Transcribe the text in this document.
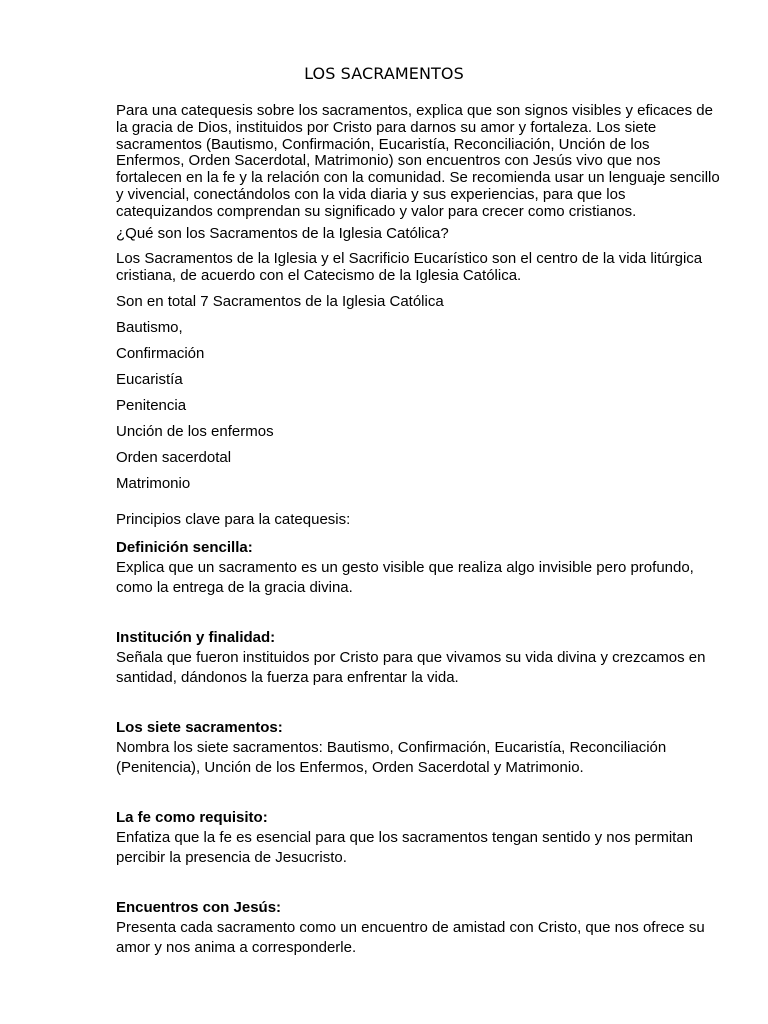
LOS SACRAMENTOS

Para una catequesis sobre los sacramentos, explica que son signos visibles y eficaces de la gracia de Dios, instituidos por Cristo para darnos su amor y fortaleza. Los siete sacramentos (Bautismo, Confirmación, Eucaristía, Reconciliación, Unción de los Enfermos, Orden Sacerdotal, Matrimonio) son encuentros con Jesús vivo que nos fortalecen en la fe y la relación con la comunidad. Se recomienda usar un lenguaje sencillo y vivencial, conectándolos con la vida diaria y sus experiencias, para que los catequizandos comprendan su significado y valor para crecer como cristianos.

¿Qué son los Sacramentos de la Iglesia Católica?

Los Sacramentos de la Iglesia y el Sacrificio Eucarístico son el centro de la vida litúrgica cristiana, de acuerdo con el Catecismo de la Iglesia Católica.

Son en total 7 Sacramentos de la Iglesia Católica

Bautismo,
Confirmación
Eucaristía
Penitencia
Unción de los enfermos
Orden sacerdotal
Matrimonio

Principios clave para la catequesis:

Definición sencilla:
Explica que un sacramento es un gesto visible que realiza algo invisible pero profundo, como la entrega de la gracia divina.
Institución y finalidad:
Señala que fueron instituidos por Cristo para que vivamos su vida divina y crezcamos en santidad, dándonos la fuerza para enfrentar la vida.
Los siete sacramentos:
Nombra los siete sacramentos: Bautismo, Confirmación, Eucaristía, Reconciliación (Penitencia), Unción de los Enfermos, Orden Sacerdotal y Matrimonio.
La fe como requisito:
Enfatiza que la fe es esencial para que los sacramentos tengan sentido y nos permitan percibir la presencia de Jesucristo.
Encuentros con Jesús:
Presenta cada sacramento como un encuentro de amistad con Cristo, que nos ofrece su amor y nos anima a corresponderle.
